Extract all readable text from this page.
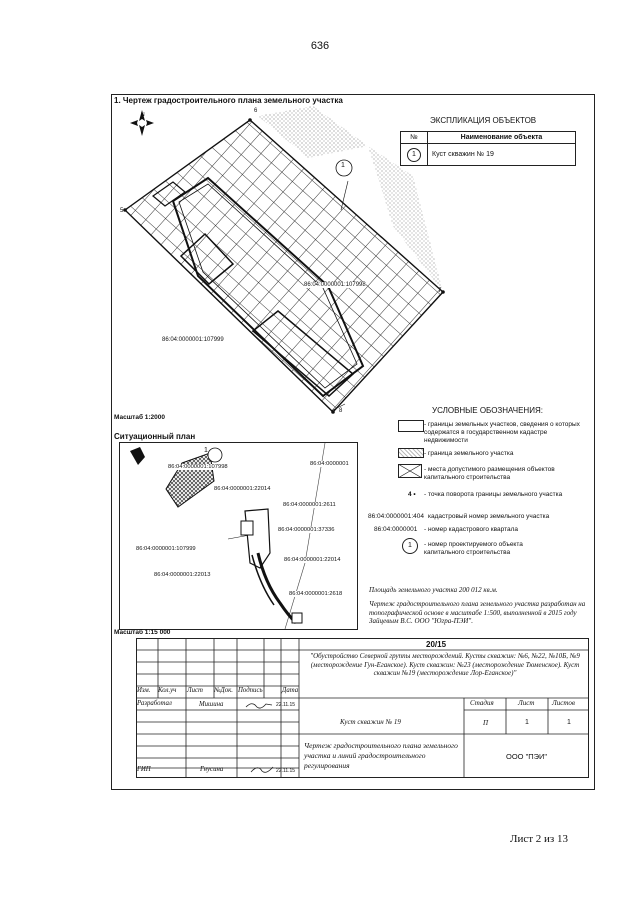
636
1. Чертеж градостроительного плана земельного участка
N
6
5
7
8
1
86:04:0000001:107998
86:04:0000001:107999
Масштаб 1:2000
ЭКСПЛИКАЦИЯ ОБЪЕКТОВ
№	Наименование объекта
1	Куст скважин № 19
УСЛОВНЫЕ ОБОЗНАЧЕНИЯ:
- границы земельных участков, сведения о которых содержатся в государственном кадастре недвижимости
- граница земельного участка
- места допустимого размещения объектов капитального строительства
4 • - точка поворота границы земельного участка
86:04:0000001:404 кадастровый номер земельного участка
86:04:0000001 - номер кадастрового квартала
1	- номер проектируемого объекта капитального строительства
Ситуационный план
1
86:04:0000001:107998	86:04:0000001
86:04:0000001:22014
86:04:0000001:2611
86:04:0000001:37336
86:04:0000001:107999
86:04:0000001:22014
86:04:0000001:22013
86:04:0000001:2618
Масштаб 1:15 000
Площадь земельного участка 200 012 кв.м.
Чертеж градостроительного плана земельного участка разработан на топографической основе в масштабе 1:500, выполненной в 2015 году Зайцевым В.С. ООО "Югра-ПЭИ".
20/15
"Обустройство Северной группы месторождений. Кусты скважин: №6, №22, №10Б, №9 (месторождение Гун-Еганское). Куст скважин: №23 (месторождение Тюменское). Куст скважин №19 (месторождение Лор-Еганское)"
Изм. Кол.уч Лист №Док. Подпись	Дата
Разработал	Мишина	22.11.15
ГИП	Гнусина	22.11.15
Куст скважин № 19
Стадия	Лист	Листов
П	1	1
Чертеж градостроительного плана земельного участка и линий градостроительного регулирования
ООО "ПЭИ"
Лист 2 из 13
